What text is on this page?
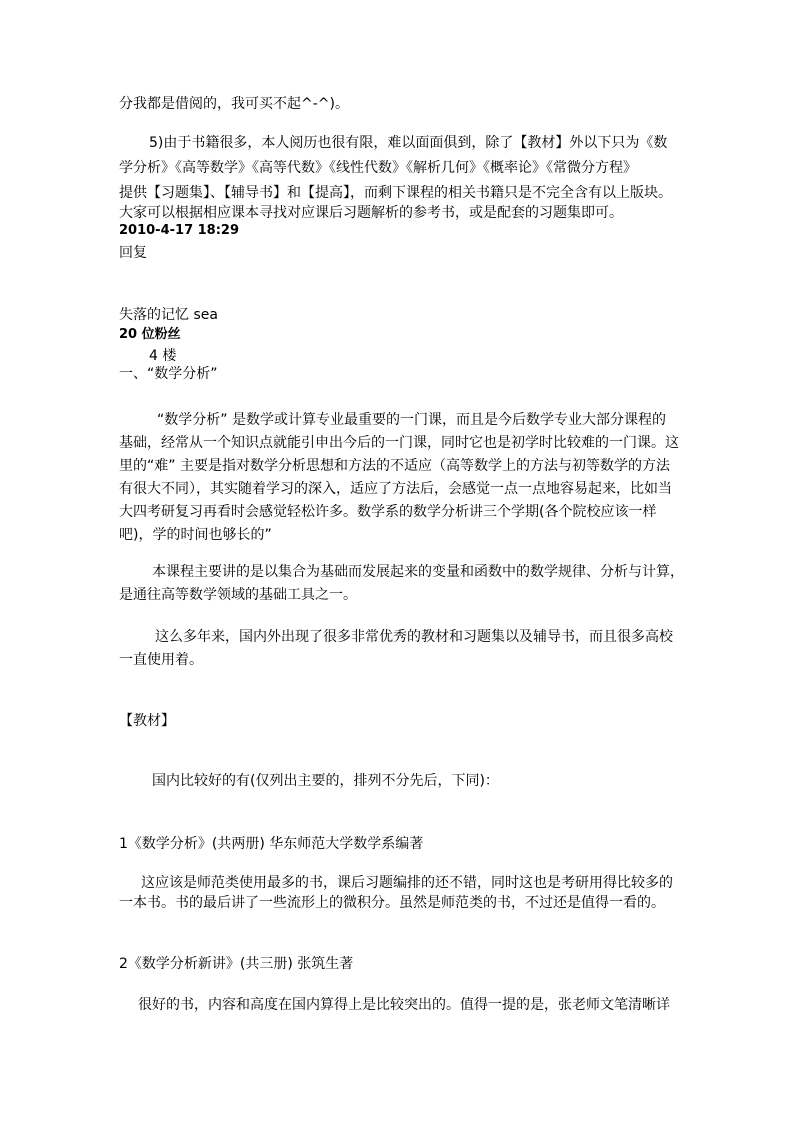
分我都是借阅的，我可买不起^-^)。
5)由于书籍很多，本人阅历也很有限，难以面面俱到，除了【教材】外以下只为《数
学分析》《高等数学》《高等代数》《线性代数》《解析几何》《概率论》《常微分方程》
提供【习题集】、【辅导书】和【提高】，而剩下课程的相关书籍只是不完全含有以上版块。
大家可以根据相应课本寻找对应课后习题解析的参考书，或是配套的习题集即可。
2010-4-17 18:29
回复
失落的记忆 sea
20 位粉丝
4 楼
一、“数学分析”
“数学分析” 是数学或计算专业最重要的一门课，而且是今后数学专业大部分课程的
基础，经常从一个知识点就能引申出今后的一门课，同时它也是初学时比较难的一门课。这
里的“难” 主要是指对数学分析思想和方法的不适应（高等数学上的方法与初等数学的方法
有很大不同），其实随着学习的深入，适应了方法后，会感觉一点一点地容易起来，比如当
大四考研复习再看时会感觉轻松许多。数学系的数学分析讲三个学期(各个院校应该一样
吧)，学的时间也够长的”
本课程主要讲的是以集合为基础而发展起来的变量和函数中的数学规律、分析与计算，
是通往高等数学领域的基础工具之一。
这么多年来，国内外出现了很多非常优秀的教材和习题集以及辅导书，而且很多高校
一直使用着。
【教材】
国内比较好的有(仅列出主要的，排列不分先后，下同)：
1《数学分析》(共两册) 华东师范大学数学系编著
这应该是师范类使用最多的书，课后习题编排的还不错，同时这也是考研用得比较多的
一本书。书的最后讲了一些流形上的微积分。虽然是师范类的书，不过还是值得一看的。
2《数学分析新讲》(共三册) 张筑生著
很好的书，内容和高度在国内算得上是比较突出的。值得一提的是，张老师文笔清晰详
